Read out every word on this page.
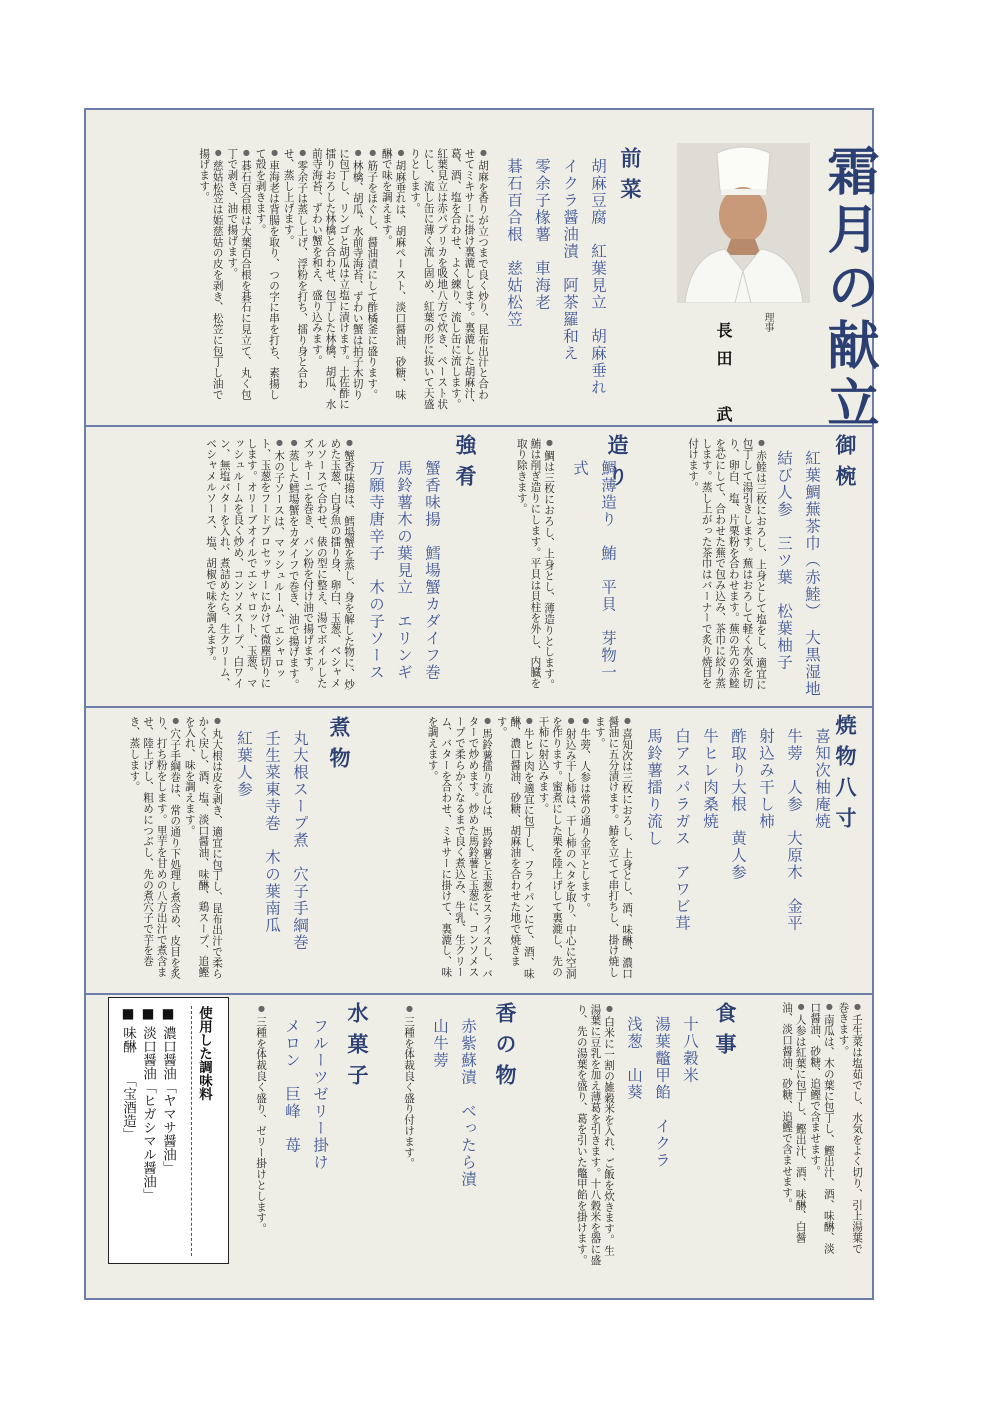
霜月の献立
理事
長田　武
前菜
胡麻豆腐　紅葉見立　胡麻垂れ
イクラ醤油漬　阿茶羅和え
零余子椽薯　車海老
碁石百合根　慈姑松笠

● 胡麻を香りが立つまで良く炒り、昆布出汁と合わせてミキサーに掛け裏漉しします。裏漉した胡麻汁、葛、酒、塩を合わせ、よく練り、流し缶に流します。紅葉見立は赤パプリカを吸地八方で炊き、ペースト状にし、流し缶に薄く流し固め、紅葉の形に抜いて天盛りとします。

● 胡麻垂れは、胡麻ペースト、淡口醤油、砂糖、味醂で味を調えます。

● 筋子をほぐし、醤油漬にして酢橘釜に盛ります。

● 林檎、胡瓜、水前寺海苔、ずわい蟹は拍子木切りに包丁し、リンゴと胡瓜は立塩に漬けます。土佐酢に擂りおろした林檎と合わせ、包丁した林檎、胡瓜、水前寺海苔、ずわい蟹を和え、盛り込みます。

● 零余子は蒸し上げ、浮粉を打ち、擂り身と合わせ、蒸し上げます。

● 車海老は背腸を取り、つの字に串を打ち、素揚して殻を剥きます。

● 碁石百合根は大葉百合根を碁石に見立て、丸く包丁で剥き、油で揚げます。

● 慈姑松笠は姫慈姑の皮を剥き、松笠に包丁し油で揚げます。

御椀
紅葉鯛蕪茶巾（赤鯥）　大黒湿地
結び人参　三ツ葉　松葉柚子

● 赤鯥は三枚におろし、上身として塩をし、適宜に包丁して湯引きします。蕪はおろして軽く水気を切り、卵白、塩、片栗粉を合わせます。蕪の先の赤鯥を芯にして、合わせた蕪で包み込み、茶巾に絞り蒸します。蒸し上がった茶巾はバーナーで炙り焼目を付けます。

造り
鯛薄造り　鮪　平貝　芽物一式

● 鯛は三枚におろし、上身とし、薄造りとします。鮪は削ぎ造りにします。平貝は貝柱を外し、内臓を取り除きます。

強肴
蟹香味揚　鱈場蟹カダイフ巻
馬鈴薯木の葉見立　エリンギ
万願寺唐辛子　木の子ソース

● 蟹香味揚は、鱈場蟹を蒸し、身を解した物に、炒めた玉葱、白身魚の擂り身、卵白、玉葱、ベシャメルソースで合わせ、俵の型に整え、湯でボイルしたズッキーニを巻き、パン粉を付け油で揚げます。

● 蒸した鱈場蟹をカダイフで巻き、油で揚げます。

● 木の子ソースは、マッシュルーム、エシャロット、玉葱をフードプロセッサーにかけて微塵切りにします。オリーブオイルでエシャロット、玉葱、マッシュルームを良く炒め、コンソメスープ、白ワイン、無塩バターを入れ、煮詰めたら、生クリーム、ベシャメルソース、塩、胡椒で味を調えます。

焼物八寸
喜知次柚庵焼
牛蒡　人参　大原木　金平
射込み干し柿
酢取り大根　黄人参
牛ヒレ肉桑焼
白アスパラガス　アワビ茸
馬鈴薯擂り流し

● 喜知次は三枚におろし、上身とし、酒、味醂、濃口醤油に五分漬けます。鰆を立てて串打ちし、掛け焼します。

● 牛蒡、人参は常の通り金平とします。

● 射込み干し柿は、干し柿のヘタを取り、中心に空洞を作ります。蜜煮にした栗を陸上げして裏漉し、先の干柿に射込みます。

● 牛ヒレ肉を適宜に包丁し、フライパンにて、酒、味醂、濃口醤油、砂糖、胡麻油を合わせた地で焼きます。

● 馬鈴薯擂り流しは、馬鈴薯と玉葱をスライスし、バターで炒めます。炒めた馬鈴薯と玉葱に、コンソメスープで柔らかくなるまで良く煮込み、牛乳、生クリーム、バターを合わせ、ミキサーに掛けて、裏漉し、味を調えます。

煮物
丸大根スープ煮　穴子手綱巻
壬生菜東寺巻　木の葉南瓜
紅葉人参

● 丸大根は皮を剥き、適宜に包丁し、昆布出汁で柔らかく戻し、酒、塩、淡口醤油、味醂、鶏スープ、追鰹を入れ、味を調えます。

● 穴子手綱巻は、常の通り下処理し煮含め、皮目を炙り、打ち粉をします。里芋を甘めの八方出汁で煮含ませ、陸上げし、粗めにつぶし、先の煮穴子で芋を巻き、蒸します。

● 壬生菜は塩茹でし、水気をよく切り、引上湯葉で巻きます。

● 南瓜は、木の葉に包丁し、鰹出汁、酒、味醂、淡口醤油、砂糖、追鰹で含ませます。

● 人参は紅葉に包丁し、鰹出汁、酒、味醂、白醤油、淡口醤油、砂糖、追鰹で含ませます。

食事
十八穀米
湯葉鼈甲餡　イクラ
浅葱　山葵

● 白米に一割の雑穀米を入れ、ご飯を炊きます。生湯葉に豆乳を加え薄葛を引きます。十八穀米を器に盛り、先の湯葉を盛り、葛を引いた鼈甲餡を掛けます。

香の物
赤紫蘇漬　べったら漬
山牛蒡

● 三種を体裁良く盛り付けます。

水菓子
フルーツゼリー掛け
メロン　巨峰　苺

● 三種を体裁良く盛り、ゼリー掛けとします。

使用した調味料
■ 濃口醤油「ヤマサ醤油」
■ 淡口醤油「ヒガシマル醤油」
■ 味醂　　「宝酒造」
